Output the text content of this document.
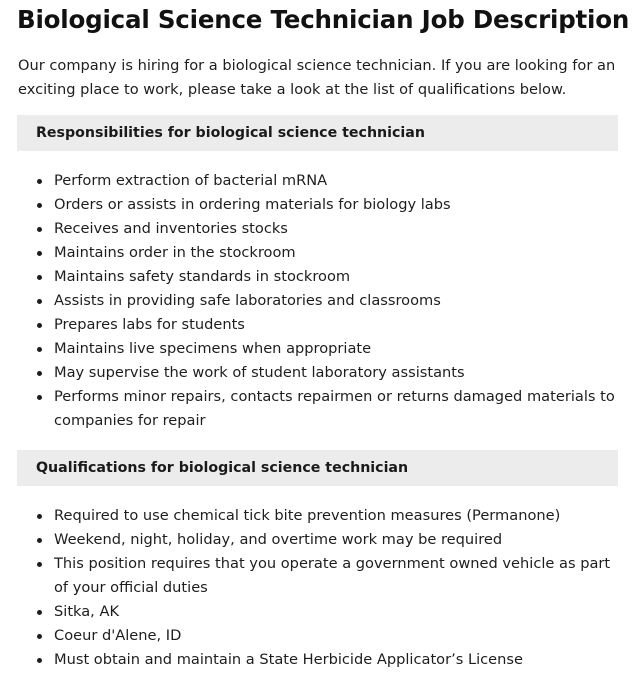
Biological Science Technician Job Description

Our company is hiring for a biological science technician. If you are looking for an exciting place to work, please take a look at the list of qualifications below.

Responsibilities for biological science technician
Perform extraction of bacterial mRNA
Orders or assists in ordering materials for biology labs
Receives and inventories stocks
Maintains order in the stockroom
Maintains safety standards in stockroom
Assists in providing safe laboratories and classrooms
Prepares labs for students
Maintains live specimens when appropriate
May supervise the work of student laboratory assistants
Performs minor repairs, contacts repairmen or returns damaged materials to companies for repair
Qualifications for biological science technician
Required to use chemical tick bite prevention measures (Permanone)
Weekend, night, holiday, and overtime work may be required
This position requires that you operate a government owned vehicle as part of your official duties
Sitka, AK
Coeur d'Alene, ID
Must obtain and maintain a State Herbicide Applicator’s License
